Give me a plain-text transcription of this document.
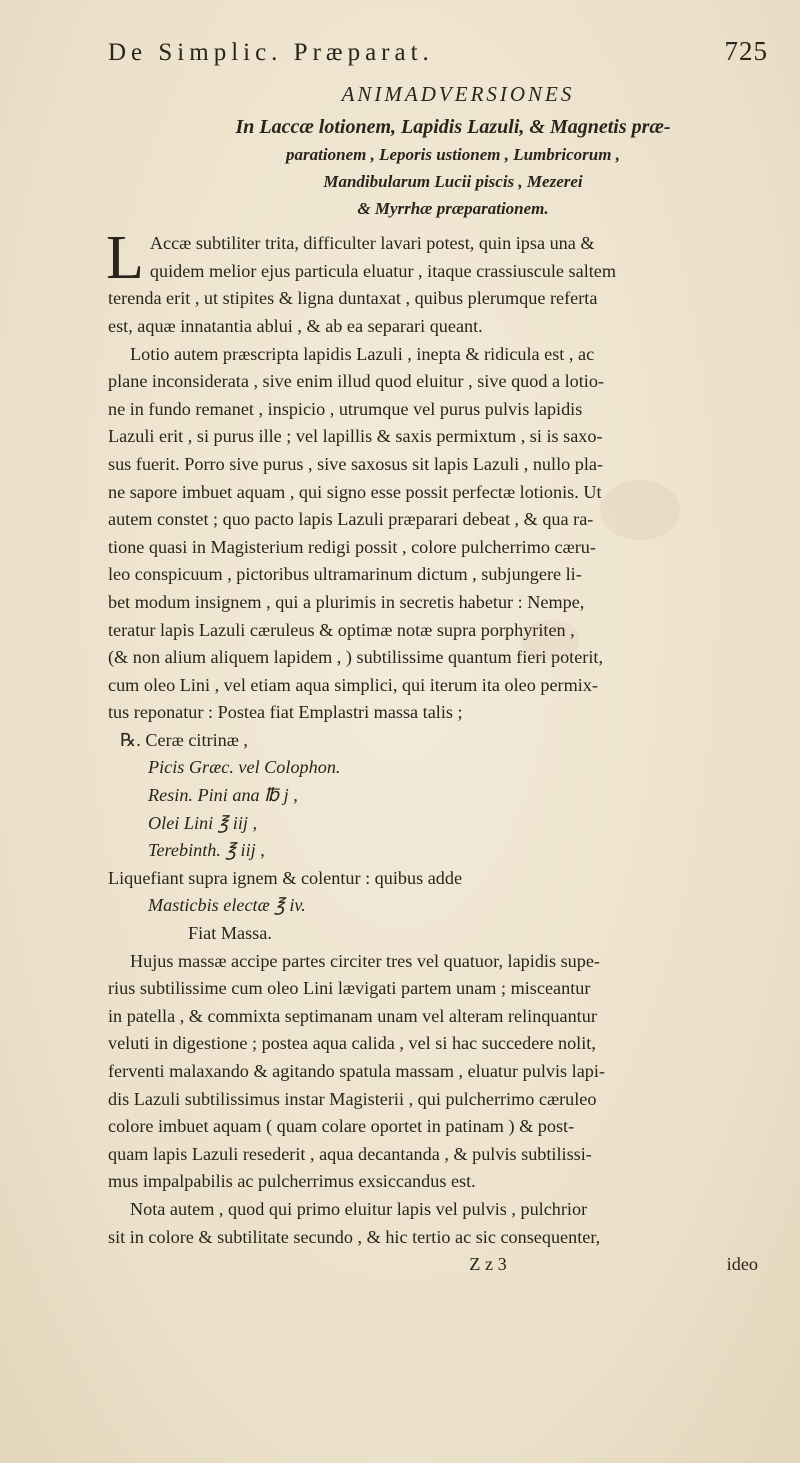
De Simplic. Præparat.	725
ANIMADVERSIONES
In Laccæ lotionem, Lapidis Lazuli, & Magnetis præ-
parationem , Leporis ustionem , Lumbricorum ,
Mandibularum Lucii piscis , Mezerei
& Myrrhæ præparationem.
L Accæ subtiliter trita, difficulter lavari potest, quin ipsa una &
quidem melior ejus particula eluatur , itaque crassiuscule saltem
terenda erit , ut stipites & ligna duntaxat , quibus plerumque referta
est, aquæ innatantia ablui , & ab ea separari queant.
Lotio autem præscripta lapidis Lazuli , inepta & ridicula est , ac
plane inconsiderata , sive enim illud quod eluitur , sive quod a lotio-
ne in fundo remanet , inspicio , utrumque vel purus pulvis lapidis
Lazuli erit , si purus ille ; vel lapillis & saxis permixtum , si is saxo-
sus fuerit. Porro sive purus , sive saxosus sit lapis Lazuli , nullo pla-
ne sapore imbuet aquam , qui signo esse possit perfectæ lotionis. Ut
autem constet ; quo pacto lapis Lazuli præparari debeat , & qua ra-
tione quasi in Magisterium redigi possit , colore pulcherrimo cæru-
leo conspicuum , pictoribus ultramarinum dictum , subjungere li-
bet modum insignem , qui a plurimis in secretis habetur : Nempe,
teratur lapis Lazuli cæruleus & optimæ notæ supra porphyriten ,
(& non alium aliquem lapidem , ) subtilissime quantum fieri poterit,
cum oleo Lini , vel etiam aqua simplici, qui iterum ita oleo permix-
tus reponatur : Postea fiat Emplastri massa talis ;
℞. Ceræ citrinæ ,
Picis Græc. vel Colophon.
Resin. Pini ana ℔ j ,
Olei Lini ℥ iij ,
Terebinth. ℥ iij ,
Liquefiant supra ignem & colentur : quibus adde
Masticbis electæ ℥ iv.
Fiat Massa.
Hujus massæ accipe partes circiter tres vel quatuor, lapidis supe-
rius subtilissime cum oleo Lini lævigati partem unam ; misceantur
in patella , & commixta septimanam unam vel alteram relinquantur
veluti in digestione ; postea aqua calida , vel si hac succedere nolit,
ferventi malaxando & agitando spatula massam , eluatur pulvis lapi-
dis Lazuli subtilissimus instar Magisterii , qui pulcherrimo cæruleo
colore imbuet aquam ( quam colare oportet in patinam ) & post-
quam lapis Lazuli resederit , aqua decantanda , & pulvis subtilissi-
mus impalpabilis ac pulcherrimus exsiccandus est.
Nota autem , quod qui primo eluitur lapis vel pulvis , pulchrior
sit in colore & subtilitate secundo , & hic tertio ac sic consequenter,
Z z 3	ideo
